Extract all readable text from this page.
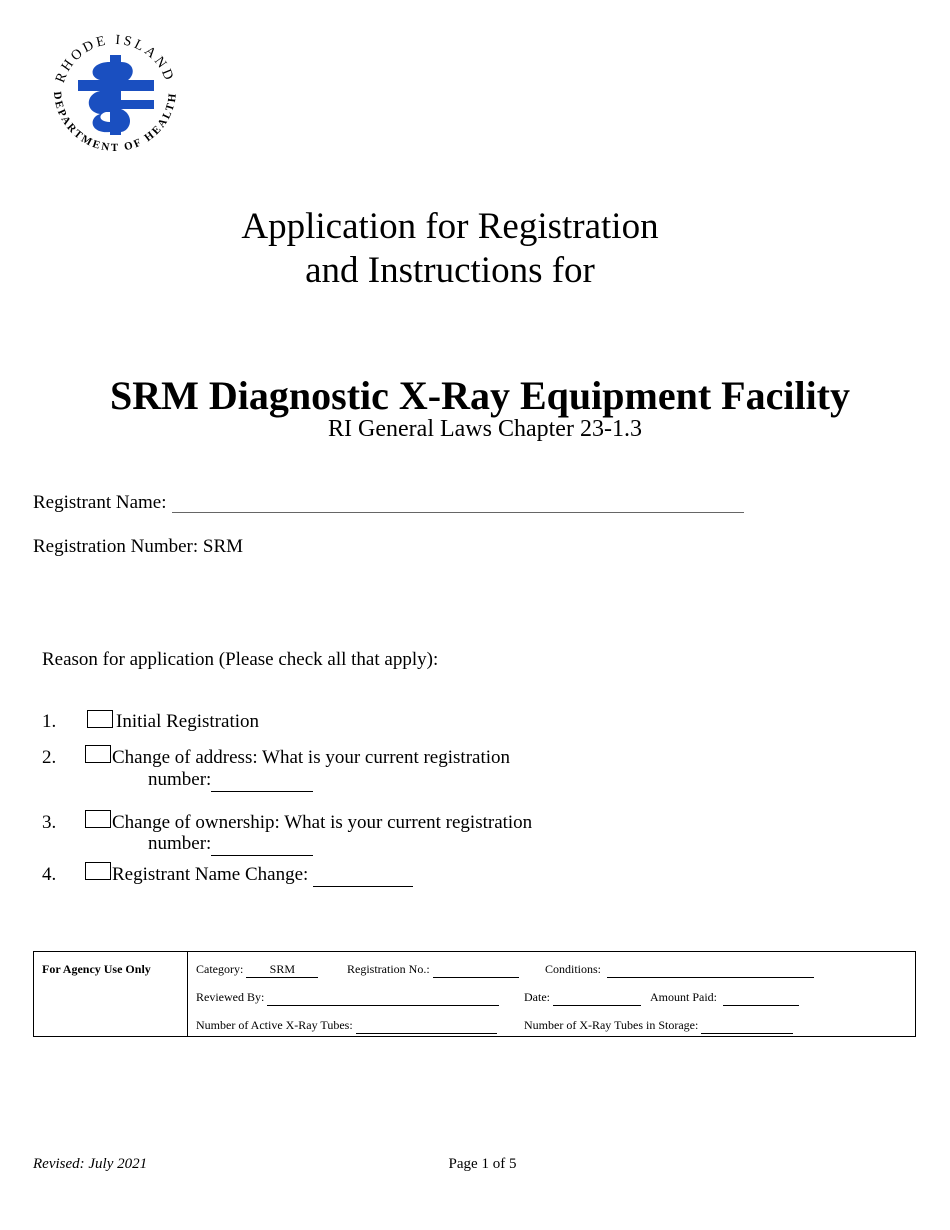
RHODE ISLAND
DEPARTMENT OF HEALTH
Application for Registration
and Instructions for
SRM Diagnostic X-Ray Equipment Facility
RI General Laws Chapter 23-1.3
Registrant Name:
Registration Number: SRM
Reason for application (Please check all that apply):
1.	Initial Registration
2.	Change of address: What is your current registration
number:
3.	Change of ownership: What is your current registration
number:
4.	Registrant Name Change:
For Agency Use Only	Category: SRM	Registration No.:	Conditions:
Reviewed By:	Date:	Amount Paid:
Number of Active X-Ray Tubes:	Number of X-Ray Tubes in Storage:
Revised: July 2021	Page 1 of 5
